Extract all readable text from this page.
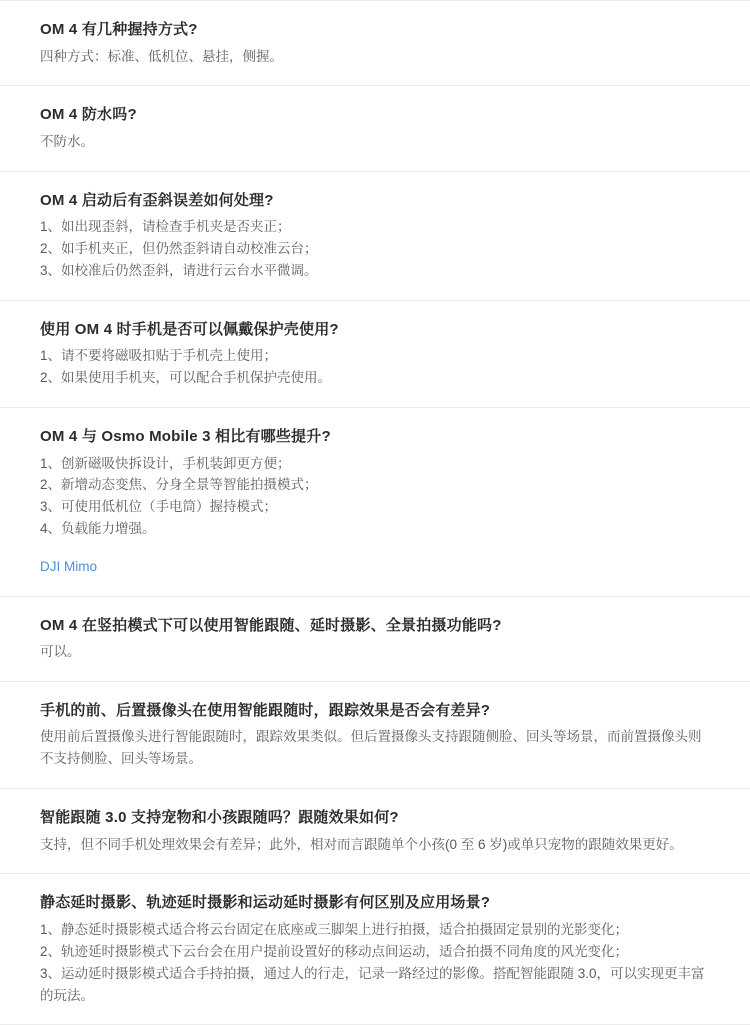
OM 4 有几种握持方式?
四种方式：标准、低机位、悬挂，侧握。
OM 4 防水吗?
不防水。
OM 4 启动后有歪斜误差如何处理?
1、如出现歪斜，请检查手机夹是否夹正；
2、如手机夹正，但仍然歪斜请自动校准云台；
3、如校准后仍然歪斜，请进行云台水平微调。
使用 OM 4 时手机是否可以佩戴保护壳使用?
1、请不要将磁吸扣贴于手机壳上使用；
2、如果使用手机夹，可以配合手机保护壳使用。
OM 4 与 Osmo Mobile 3 相比有哪些提升?
1、创新磁吸快拆设计，手机装卸更方便；
2、新增动态变焦、分身全景等智能拍摄模式；
3、可使用低机位（手电筒）握持模式；
4、负载能力增强。
DJI Mimo
OM 4 在竖拍模式下可以使用智能跟随、延时摄影、全景拍摄功能吗?
可以。
手机的前、后置摄像头在使用智能跟随时，跟踪效果是否会有差异?
使用前后置摄像头进行智能跟随时，跟踪效果类似。但后置摄像头支持跟随侧脸、回头等场景，而前置摄像头则不支持侧脸、回头等场景。
智能跟随 3.0 支持宠物和小孩跟随吗？跟随效果如何?
支持，但不同手机处理效果会有差异；此外，相对而言跟随单个小孩(0 至 6 岁)或单只宠物的跟随效果更好。
静态延时摄影、轨迹延时摄影和运动延时摄影有何区别及应用场景?
1、静态延时摄影模式适合将云台固定在底座或三脚架上进行拍摄，适合拍摄固定景别的光影变化；
2、轨迹延时摄影模式下云台会在用户提前设置好的移动点间运动，适合拍摄不同角度的风光变化；
3、运动延时摄影模式适合手持拍摄，通过人的行走，记录一路经过的影像。搭配智能跟随 3.0，可以实现更丰富的玩法。
